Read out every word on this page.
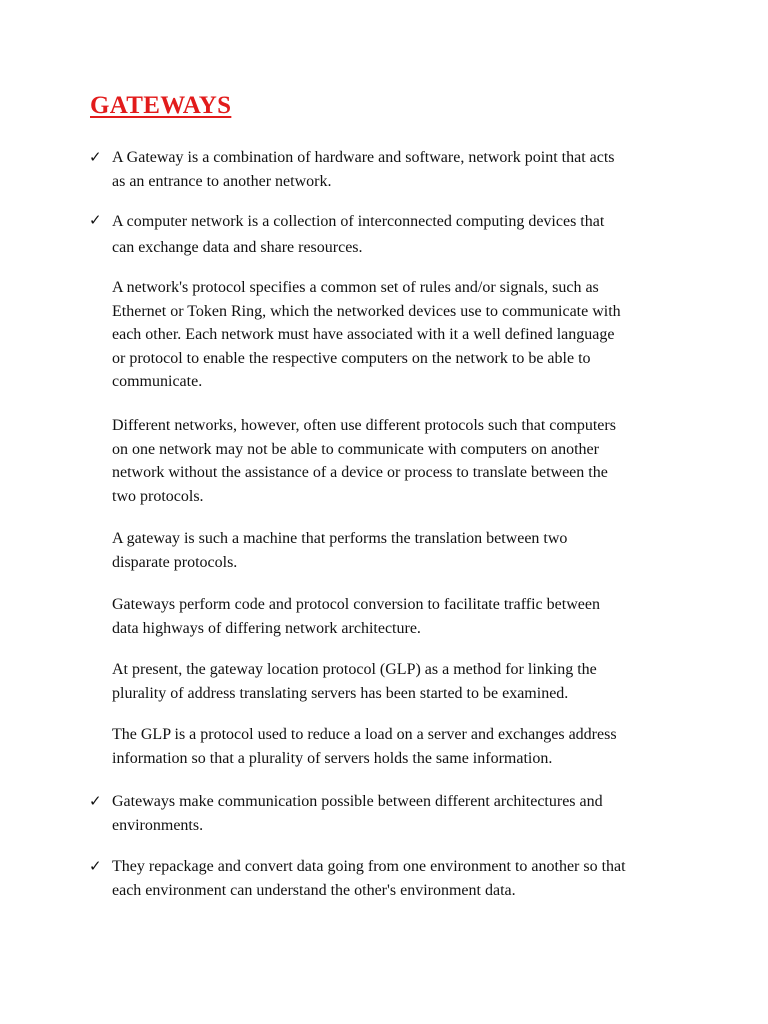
GATEWAYS
✓ A Gateway is a combination of hardware and software, network point that acts
as an entrance to another network.

✓ A computer network is a collection of interconnected computing devices that
can exchange data and share resources.

A network's protocol specifies a common set of rules and/or signals, such as
Ethernet or Token Ring, which the networked devices use to communicate with
each other. Each network must have associated with it a well defined language
or protocol to enable the respective computers on the network to be able to
communicate.

Different networks, however, often use different protocols such that computers
on one network may not be able to communicate with computers on another
network without the assistance of a device or process to translate between the
two protocols.

A gateway is such a machine that performs the translation between two
disparate protocols.

Gateways perform code and protocol conversion to facilitate traffic between
data highways of differing network architecture.

At present, the gateway location protocol (GLP) as a method for linking the
plurality of address translating servers has been started to be examined.

The GLP is a protocol used to reduce a load on a server and exchanges address
information so that a plurality of servers holds the same information.

✓ Gateways make communication possible between different architectures and
environments.

✓ They repackage and convert data going from one environment to another so that
each environment can understand the other's environment data.
